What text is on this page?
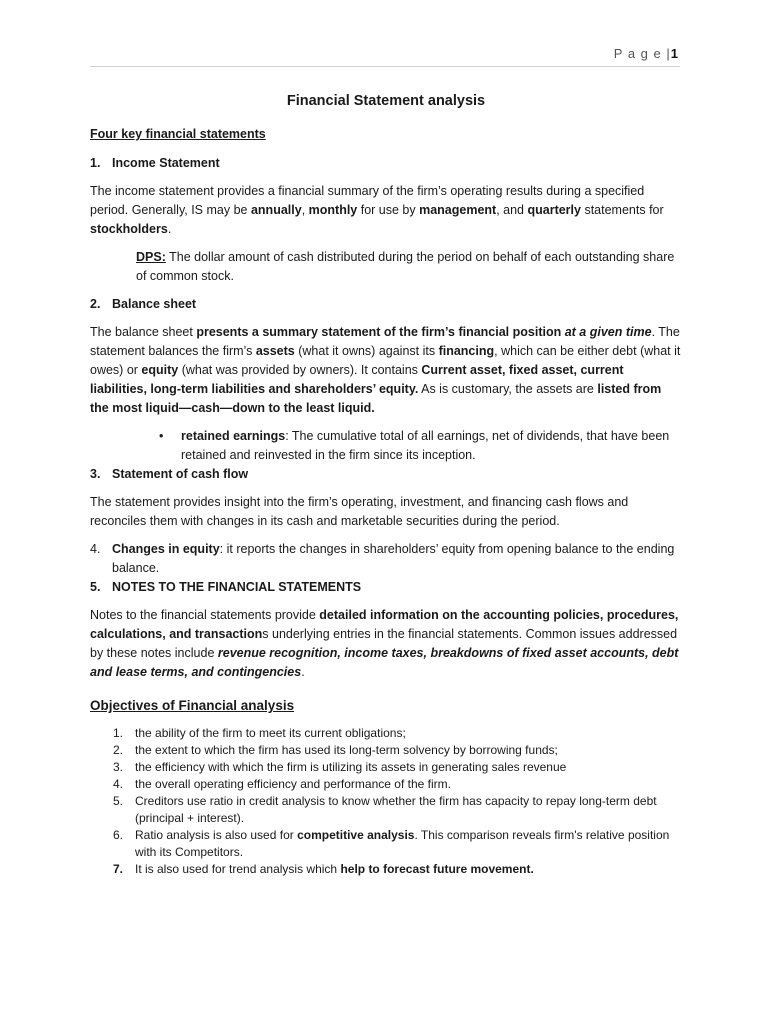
P a g e |1
Financial Statement analysis
Four key financial statements
1. Income Statement

The income statement provides a financial summary of the firm’s operating results during a specified period. Generally, IS may be annually, monthly for use by management, and quarterly statements for stockholders.

DPS: The dollar amount of cash distributed during the period on behalf of each outstanding share of common stock.

2. Balance sheet

The balance sheet presents a summary statement of the firm’s financial position at a given time. The statement balances the firm’s assets (what it owns) against its financing, which can be either debt (what it owes) or equity (what was provided by owners). It contains Current asset, fixed asset, current liabilities, long-term liabilities and shareholders’ equity. As is customary, the assets are listed from the most liquid—cash—down to the least liquid.

• retained earnings: The cumulative total of all earnings, net of dividends, that have been retained and reinvested in the firm since its inception.
3. Statement of cash flow

The statement provides insight into the firm’s operating, investment, and financing cash flows and reconciles them with changes in its cash and marketable securities during the period.

4. Changes in equity: it reports the changes in shareholders’ equity from opening balance to the ending balance.
5. NOTES TO THE FINANCIAL STATEMENTS

Notes to the financial statements provide detailed information on the accounting policies, procedures, calculations, and transactions underlying entries in the financial statements. Common issues addressed by these notes include revenue recognition, income taxes, breakdowns of fixed asset accounts, debt and lease terms, and contingencies.

Objectives of Financial analysis
1. the ability of the firm to meet its current obligations;
2. the extent to which the firm has used its long-term solvency by borrowing funds;
3. the efficiency with which the firm is utilizing its assets in generating sales revenue
4. the overall operating efficiency and performance of the firm.
5. Creditors use ratio in credit analysis to know whether the firm has capacity to repay long-term debt (principal + interest).
6. Ratio analysis is also used for competitive analysis. This comparison reveals firm's relative position with its Competitors.
7. It is also used for trend analysis which help to forecast future movement.
